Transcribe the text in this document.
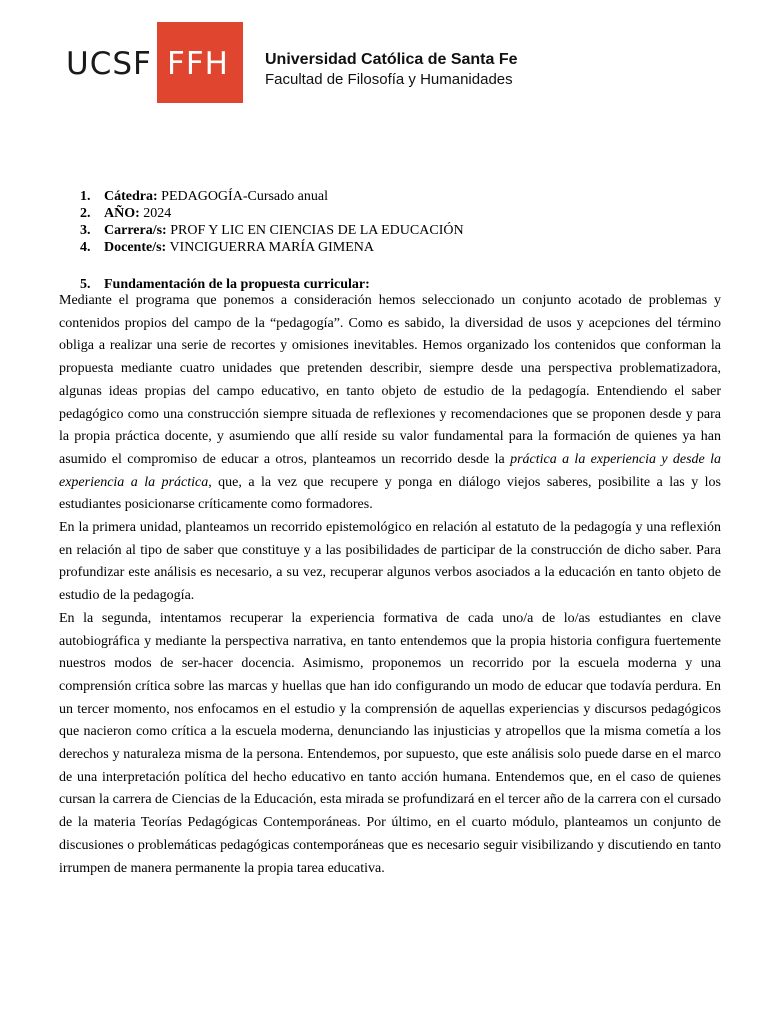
UCSF FFH Universidad Católica de Santa Fe
Facultad de Filosofía y Humanidades
1. Cátedra: PEDAGOGÍA-Cursado anual
2. AÑO: 2024
3. Carrera/s: PROF Y LIC EN CIENCIAS DE LA EDUCACIÓN
4. Docente/s: VINCIGUERRA MARÍA GIMENA
5. Fundamentación de la propuesta curricular:

Mediante el programa que ponemos a consideración hemos seleccionado un conjunto acotado de problemas y contenidos propios del campo de la “pedagogía”. Como es sabido, la diversidad de usos y acepciones del término obliga a realizar una serie de recortes y omisiones inevitables. Hemos organizado los contenidos que conforman la propuesta mediante cuatro unidades que pretenden describir, siempre desde una perspectiva problematizadora, algunas ideas propias del campo educativo, en tanto objeto de estudio de la pedagogía. Entendiendo el saber pedagógico como una construcción siempre situada de reflexiones y recomendaciones que se proponen desde y para la propia práctica docente, y asumiendo que allí reside su valor fundamental para la formación de quienes ya han asumido el compromiso de educar a otros, planteamos un recorrido desde la práctica a la experiencia y desde la experiencia a la práctica, que, a la vez que recupere y ponga en diálogo viejos saberes, posibilite a las y los estudiantes posicionarse críticamente como formadores.

En la primera unidad, planteamos un recorrido epistemológico en relación al estatuto de la pedagogía y una reflexión en relación al tipo de saber que constituye y a las posibilidades de participar de la construcción de dicho saber. Para profundizar este análisis es necesario, a su vez, recuperar algunos verbos asociados a la educación en tanto objeto de estudio de la pedagogía.

En la segunda, intentamos recuperar la experiencia formativa de cada uno/a de lo/as estudiantes en clave autobiográfica y mediante la perspectiva narrativa, en tanto entendemos que la propia historia configura fuertemente nuestros modos de ser-hacer docencia. Asimismo, proponemos un recorrido por la escuela moderna y una comprensión crítica sobre las marcas y huellas que han ido configurando un modo de educar que todavía perdura. En un tercer momento, nos enfocamos en el estudio y la comprensión de aquellas experiencias y discursos pedagógicos que nacieron como crítica a la escuela moderna, denunciando las injusticias y atropellos que la misma cometía a los derechos y naturaleza misma de la persona. Entendemos, por supuesto, que este análisis solo puede darse en el marco de una interpretación política del hecho educativo en tanto acción humana. Entendemos que, en el caso de quienes cursan la carrera de Ciencias de la Educación, esta mirada se profundizará en el tercer año de la carrera con el cursado de la materia Teorías Pedagógicas Contemporáneas. Por último, en el cuarto módulo, planteamos un conjunto de discusiones o problemáticas pedagógicas contemporáneas que es necesario seguir visibilizando y discutiendo en tanto irrumpen de manera permanente la propia tarea educativa.
